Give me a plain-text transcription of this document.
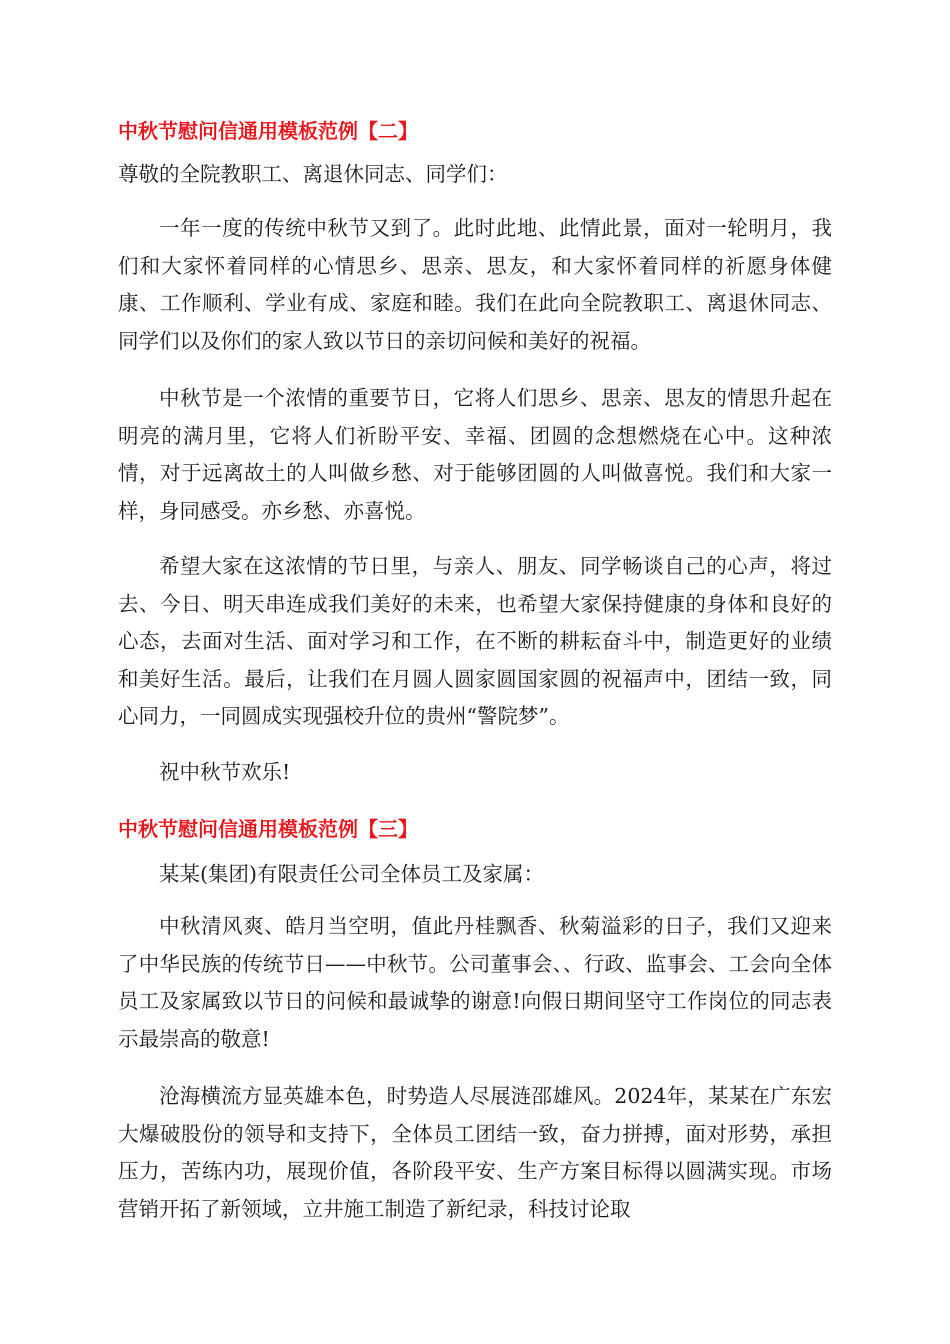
中秋节慰问信通用模板范例【二】
尊敬的全院教职工、离退休同志、同学们：

一年一度的传统中秋节又到了。此时此地、此情此景，面对一轮明月，我们和大家怀着同样的心情思乡、思亲、思友，和大家怀着同样的祈愿身体健康、工作顺利、学业有成、家庭和睦。我们在此向全院教职工、离退休同志、同学们以及你们的家人致以节日的亲切问候和美好的祝福。

中秋节是一个浓情的重要节日，它将人们思乡、思亲、思友的情思升起在明亮的满月里，它将人们祈盼平安、幸福、团圆的念想燃烧在心中。这种浓情，对于远离故土的人叫做乡愁、对于能够团圆的人叫做喜悦。我们和大家一样，身同感受。亦乡愁、亦喜悦。

希望大家在这浓情的节日里，与亲人、朋友、同学畅谈自己的心声，将过去、今日、明天串连成我们美好的未来，也希望大家保持健康的身体和良好的心态，去面对生活、面对学习和工作，在不断的耕耘奋斗中，制造更好的业绩和美好生活。最后，让我们在月圆人圆家圆国家圆的祝福声中，团结一致，同心同力，一同圆成实现强校升位的贵州“警院梦”。

祝中秋节欢乐!
中秋节慰问信通用模板范例【三】
某某(集团)有限责任公司全体员工及家属：

中秋清风爽、皓月当空明，值此丹桂飘香、秋菊溢彩的日子，我们又迎来了中华民族的传统节日——中秋节。公司董事会、、行政、监事会、工会向全体员工及家属致以节日的问候和最诚挚的谢意!向假日期间坚守工作岗位的同志表示最崇高的敬意!

沧海横流方显英雄本色，时势造人尽展涟邵雄风。2024年，某某在广东宏大爆破股份的领导和支持下，全体员工团结一致，奋力拼搏，面对形势，承担压力，苦练内功，展现价值，各阶段平安、生产方案目标得以圆满实现。市场营销开拓了新领域，立井施工制造了新纪录，科技讨论取
